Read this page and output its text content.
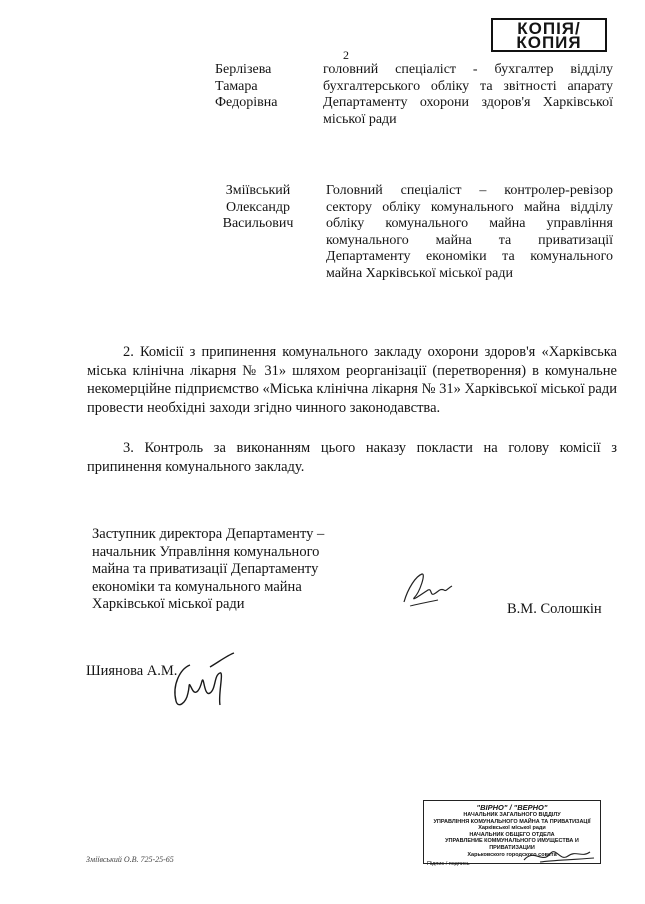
2
КОПІЯ/
КОПИЯ
Берлізева
Тамара
Федорівна
головний спеціаліст - бухгалтер відділу бухгалтерського обліку та звітності апарату Департаменту охорони здоров'я Харківської міської ради
Зміївський
Олександр
Васильович
Головний спеціаліст – контролер-ревізор сектору обліку комунального майна відділу обліку комунального майна управління комунального майна та приватизації Департаменту економіки та комунального майна Харківської міської ради
2. Комісії з припинення комунального закладу охорони здоров'я «Харківська міська клінічна лікарня № 31» шляхом реорганізації (перетворення) в комунальне некомерційне підприємство «Міська клінічна лікарня № 31» Харківської міської ради провести необхідні заходи згідно чинного законодавства.
3. Контроль за виконанням цього наказу покласти на голову комісії з припинення комунального закладу.
Заступник директора Департаменту –
начальник Управління комунального
майна та приватизації Департаменту
економіки та комунального майна
Харківської міської ради	В.М. Солошкін
Шиянова А.М.
Зміївський О.В. 725-25-65
"ВІРНО" / "ВЕРНО"
НАЧАЛЬНИК ЗАГАЛЬНОГО ВІДДІЛУ
УПРАВЛІННЯ КОМУНАЛЬНОГО МАЙНА ТА ПРИВАТИЗАЦІЇ
Харківської міської ради
НАЧАЛЬНИК ОБЩЕГО ОТДЕЛА
УПРАВЛЕНИЕ КОММУНАЛЬНОГО ИМУЩЕСТВА И ПРИВАТИЗАЦИИ
Харьковского городского совета
Підпис / подпись
